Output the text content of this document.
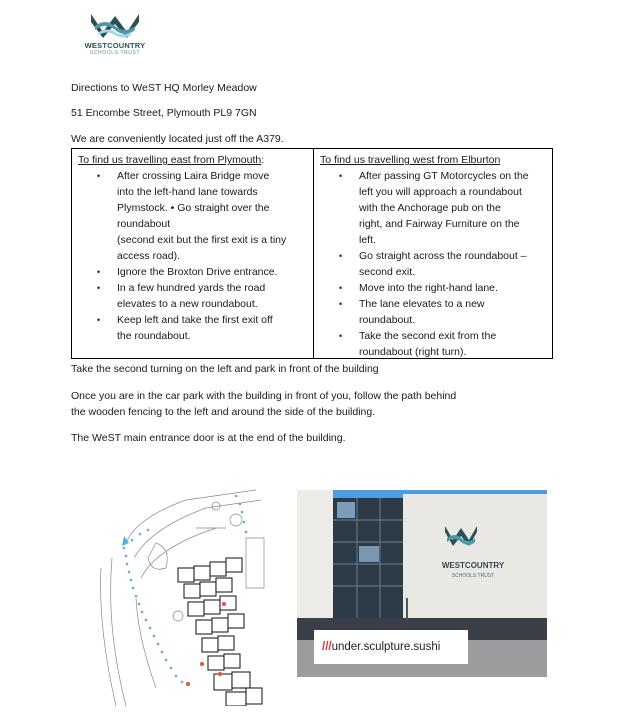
WESTCOUNTRY
SCHOOLS TRUST
Directions to WeST HQ Morley Meadow
51 Encombe Street, Plymouth PL9 7GN
We are conveniently located just off the A379.
To find us travelling east from Plymouth:
• After crossing Laira Bridge move
into the left-hand lane towards
Plymstock. • Go straight over the
roundabout
(second exit but the first exit is a tiny
access road).
• Ignore the Broxton Drive entrance.
• In a few hundred yards the road
elevates to a new roundabout.
• Keep left and take the first exit off
the roundabout.
To find us travelling west from Elburton
• After passing GT Motorcycles on the
left you will approach a roundabout
with the Anchorage pub on the
right, and Fairway Furniture on the
left.
• Go straight across the roundabout –
second exit.
• Move into the right-hand lane.
• The lane elevates to a new
roundabout.
• Take the second exit from the
roundabout (right turn).
Take the second turning on the left and park in front of the building
Once you are in the car park with the building in front of you, follow the path behind
the wooden fencing to the left and around the side of the building.
The WeST main entrance door is at the end of the building.
WESTCOUNTRY
SCHOOLS TRUST
///under.sculpture.sushi
